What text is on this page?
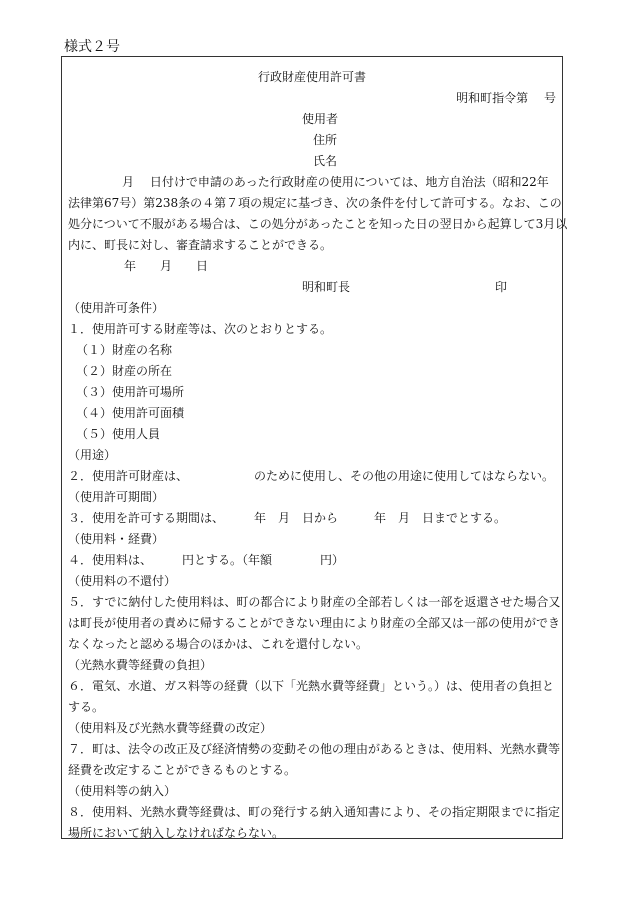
様式２号
行政財産使用許可書
明和町指令第　 号
使用者
住所
氏名
月　 日付けで申請のあった行政財産の使用については、地方自治法（昭和22年
法律第67号）第238条の４第７項の規定に基づき、次の条件を付して許可する。なお、この
処分について不服がある場合は、この処分があったことを知った日の翌日から起算して3月以
内に、町長に対し、審査請求することができる。
年　　月　　日
明和町長	印
（使用許可条件）
１．使用許可する財産等は、次のとおりとする。
（１）財産の名称
（２）財産の所在
（３）使用許可場所
（４）使用許可面積
（５）使用人員
（用途）
２．使用許可財産は、　　　　　　のために使用し、その他の用途に使用してはならない。
（使用許可期間）
３．使用を許可する期間は、　　　年　月　日から　　　年　月　日までとする。
（使用料・経費）
４．使用料は、　　　円とする。（年額　　　　円）
（使用料の不還付）
５．すでに納付した使用料は、町の都合により財産の全部若しくは一部を返還させた場合又
は町長が使用者の責めに帰することができない理由により財産の全部又は一部の使用ができ
なくなったと認める場合のほかは、これを還付しない。
（光熱水費等経費の負担）
６．電気、水道、ガス料等の経費（以下「光熱水費等経費」という。）は、使用者の負担と
する。
（使用料及び光熱水費等経費の改定）
７．町は、法令の改正及び経済情勢の変動その他の理由があるときは、使用料、光熱水費等
経費を改定することができるものとする。
（使用料等の納入）
８．使用料、光熱水費等経費は、町の発行する納入通知書により、その指定期限までに指定
場所において納入しなければならない。
